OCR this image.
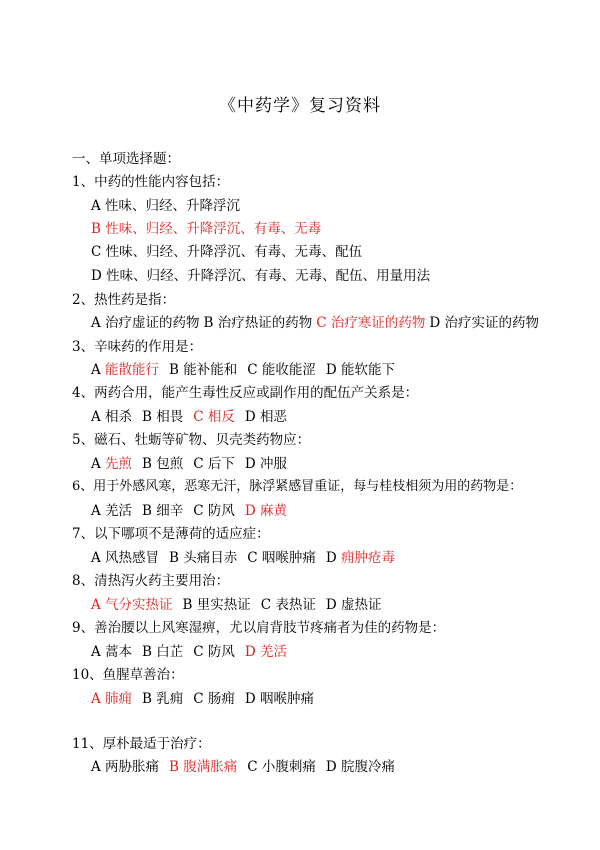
《中药学》复习资料
一、单项选择题：
1、中药的性能内容包括：
A 性味、归经、升降浮沉
B 性味、归经、升降浮沉、有毒、无毒
C 性味、归经、升降浮沉、有毒、无毒、配伍
D 性味、归经、升降浮沉、有毒、无毒、配伍、用量用法
2、热性药是指：
A 治疗虚证的药物 B 治疗热证的药物 C 治疗寒证的药物 D 治疗实证的药物
3、辛味药的作用是：
A 能散能行 B 能补能和 C 能收能涩 D 能软能下
4、两药合用，能产生毒性反应或副作用的配伍产关系是：
A 相杀 B 相畏 C 相反 D 相恶
5、磁石、牡蛎等矿物、贝壳类药物应：
A 先煎 B 包煎 C 后下 D 冲服
6、用于外感风寒，恶寒无汗，脉浮紧感冒重证，每与桂枝相须为用的药物是：
A 羌活 B 细辛 C 防风 D 麻黄
7、以下哪项不是薄荷的适应症：
A 风热感冒 B 头痛目赤 C 咽喉肿痛 D 痈肿疮毒
8、清热泻火药主要用治：
A 气分实热证 B 里实热证 C 表热证 D 虚热证
9、善治腰以上风寒湿痹，尤以肩背肢节疼痛者为佳的药物是：
A 蒿本 B 白芷 C 防风 D 羌活
10、鱼腥草善治：
A 肺痈 B 乳痈 C 肠痈 D 咽喉肿痛
11、厚朴最适于治疗：
A 两胁胀痛 B 腹满胀痛 C 小腹刺痛 D 脘腹冷痛
